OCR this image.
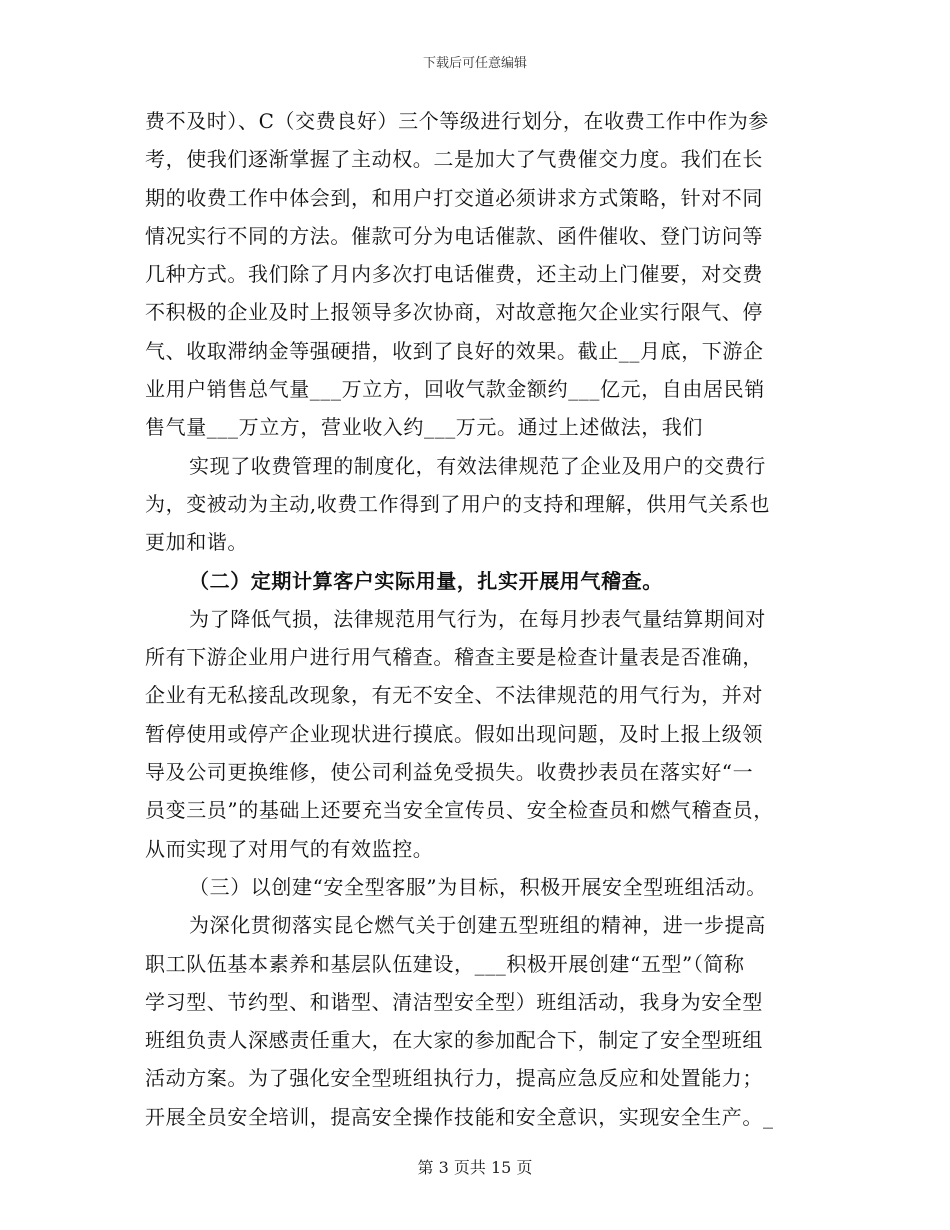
下载后可任意编辑
费不及时）、C（交费良好）三个等级进行划分，在收费工作中作为参
考，使我们逐渐掌握了主动权。二是加大了气费催交力度。我们在长
期的收费工作中体会到，和用户打交道必须讲求方式策略，针对不同
情况实行不同的方法。催款可分为电话催款、函件催收、登门访问等
几种方式。我们除了月内多次打电话催费，还主动上门催要，对交费
不积极的企业及时上报领导多次协商，对故意拖欠企业实行限气、停
气、收取滞纳金等强硬措，收到了良好的效果。截止__月底，下游企
业用户销售总气量___万立方，回收气款金额约___亿元，自由居民销
售气量___万立方，营业收入约___万元。通过上述做法，我们
实现了收费管理的制度化，有效法律规范了企业及用户的交费行
为，变被动为主动,收费工作得到了用户的支持和理解，供用气关系也
更加和谐。
（二）定期计算客户实际用量，扎实开展用气稽查。
为了降低气损，法律规范用气行为，在每月抄表气量结算期间对
所有下游企业用户进行用气稽查。稽查主要是检查计量表是否准确，
企业有无私接乱改现象，有无不安全、不法律规范的用气行为，并对
暂停使用或停产企业现状进行摸底。假如出现问题，及时上报上级领
导及公司更换维修，使公司利益免受损失。收费抄表员在落实好“一
员变三员”的基础上还要充当安全宣传员、安全检查员和燃气稽查员，
从而实现了对用气的有效监控。
（三）以创建“安全型客服”为目标，积极开展安全型班组活动。
为深化贯彻落实昆仑燃气关于创建五型班组的精神，进一步提高
职工队伍基本素养和基层队伍建设，___积极开展创建“五型”（简称
学习型、节约型、和谐型、清洁型安全型）班组活动，我身为安全型
班组负责人深感责任重大，在大家的参加配合下，制定了安全型班组
活动方案。为了强化安全型班组执行力，提高应急反应和处置能力；
开展全员安全培训，提高安全操作技能和安全意识，实现安全生产。_
第 3 页共 15 页
